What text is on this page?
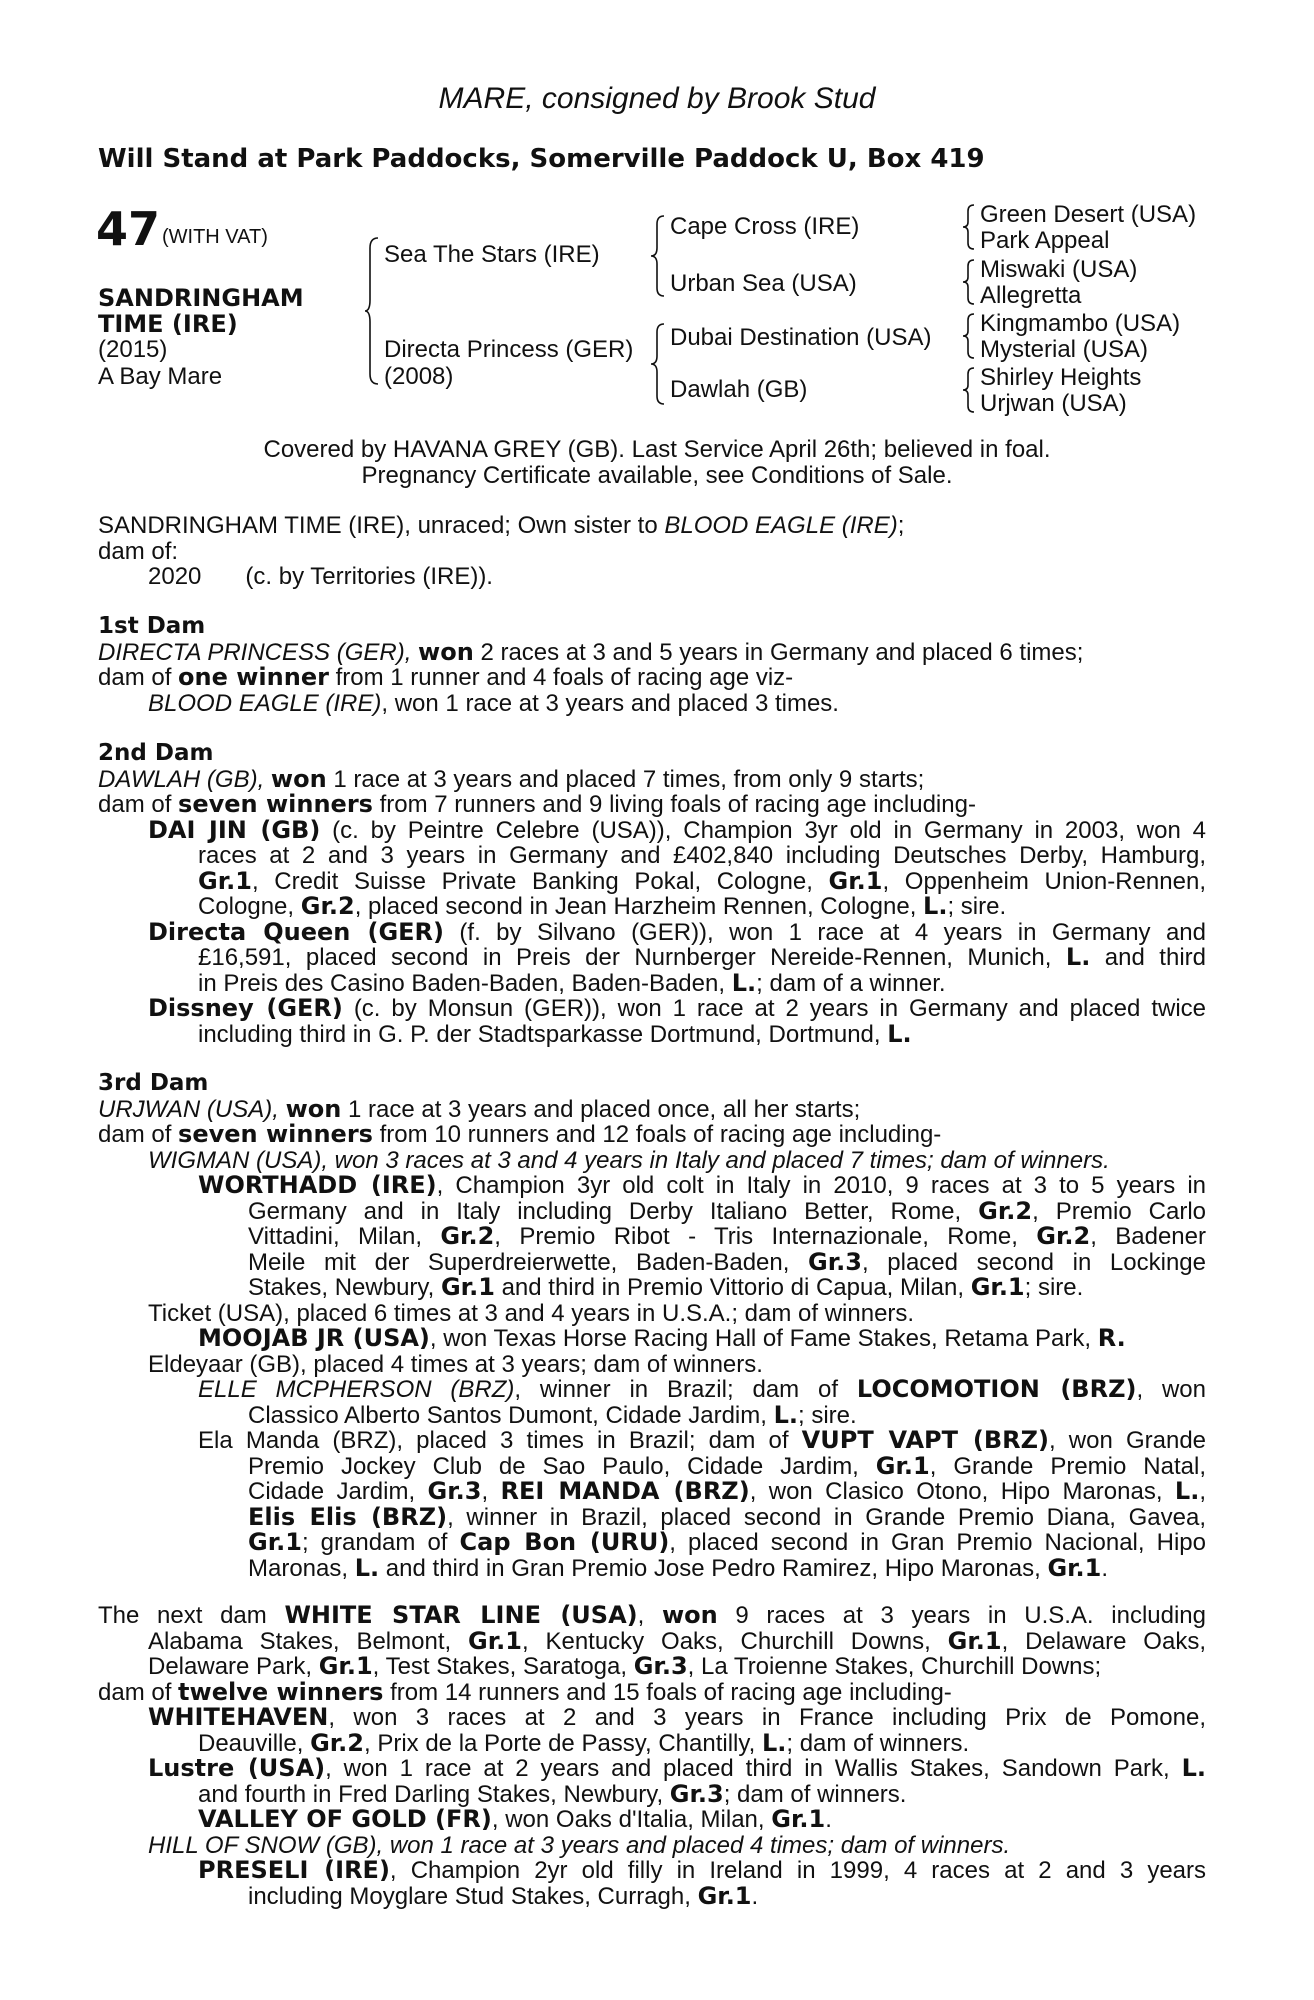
MARE, consigned by Brook Stud
Will Stand at Park Paddocks, Somerville Paddock U, Box 419
47 (WITH VAT)
SANDRINGHAM
TIME (IRE)
(2015)
A Bay Mare
Sea The Stars (IRE)
Directa Princess (GER)
(2008)
Cape Cross (IRE)
Urban Sea (USA)
Dubai Destination (USA)
Dawlah (GB)
Green Desert (USA)
Park Appeal
Miswaki (USA)
Allegretta
Kingmambo (USA)
Mysterial (USA)
Shirley Heights
Urjwan (USA)
Covered by HAVANA GREY (GB). Last Service April 26th; believed in foal.
Pregnancy Certificate available, see Conditions of Sale.
SANDRINGHAM TIME (IRE), unraced; Own sister to BLOOD EAGLE (IRE);
dam of:
2020 (c. by Territories (IRE)).
1st Dam
DIRECTA PRINCESS (GER), won 2 races at 3 and 5 years in Germany and placed 6 times;
dam of one winner from 1 runner and 4 foals of racing age viz-
BLOOD EAGLE (IRE), won 1 race at 3 years and placed 3 times.
2nd Dam
DAWLAH (GB), won 1 race at 3 years and placed 7 times, from only 9 starts;
dam of seven winners from 7 runners and 9 living foals of racing age including-
DAI JIN (GB) (c. by Peintre Celebre (USA)), Champion 3yr old in Germany in 2003, won 4
races at 2 and 3 years in Germany and £402,840 including Deutsches Derby, Hamburg,
Gr.1, Credit Suisse Private Banking Pokal, Cologne, Gr.1, Oppenheim Union-Rennen,
Cologne, Gr.2, placed second in Jean Harzheim Rennen, Cologne, L.; sire.
Directa Queen (GER) (f. by Silvano (GER)), won 1 race at 4 years in Germany and
£16,591, placed second in Preis der Nurnberger Nereide-Rennen, Munich, L. and third
in Preis des Casino Baden-Baden, Baden-Baden, L.; dam of a winner.
Dissney (GER) (c. by Monsun (GER)), won 1 race at 2 years in Germany and placed twice
including third in G. P. der Stadtsparkasse Dortmund, Dortmund, L.
3rd Dam
URJWAN (USA), won 1 race at 3 years and placed once, all her starts;
dam of seven winners from 10 runners and 12 foals of racing age including-
WIGMAN (USA), won 3 races at 3 and 4 years in Italy and placed 7 times; dam of winners.
WORTHADD (IRE), Champion 3yr old colt in Italy in 2010, 9 races at 3 to 5 years in
Germany and in Italy including Derby Italiano Better, Rome, Gr.2, Premio Carlo
Vittadini, Milan, Gr.2, Premio Ribot - Tris Internazionale, Rome, Gr.2, Badener
Meile mit der Superdreierwette, Baden-Baden, Gr.3, placed second in Lockinge
Stakes, Newbury, Gr.1 and third in Premio Vittorio di Capua, Milan, Gr.1; sire.
Ticket (USA), placed 6 times at 3 and 4 years in U.S.A.; dam of winners.
MOOJAB JR (USA), won Texas Horse Racing Hall of Fame Stakes, Retama Park, R.
Eldeyaar (GB), placed 4 times at 3 years; dam of winners.
ELLE MCPHERSON (BRZ), winner in Brazil; dam of LOCOMOTION (BRZ), won
Classico Alberto Santos Dumont, Cidade Jardim, L.; sire.
Ela Manda (BRZ), placed 3 times in Brazil; dam of VUPT VAPT (BRZ), won Grande
Premio Jockey Club de Sao Paulo, Cidade Jardim, Gr.1, Grande Premio Natal,
Cidade Jardim, Gr.3, REI MANDA (BRZ), won Clasico Otono, Hipo Maronas, L.,
Elis Elis (BRZ), winner in Brazil, placed second in Grande Premio Diana, Gavea,
Gr.1; grandam of Cap Bon (URU), placed second in Gran Premio Nacional, Hipo
Maronas, L. and third in Gran Premio Jose Pedro Ramirez, Hipo Maronas, Gr.1.
The next dam WHITE STAR LINE (USA), won 9 races at 3 years in U.S.A. including
Alabama Stakes, Belmont, Gr.1, Kentucky Oaks, Churchill Downs, Gr.1, Delaware Oaks,
Delaware Park, Gr.1, Test Stakes, Saratoga, Gr.3, La Troienne Stakes, Churchill Downs;
dam of twelve winners from 14 runners and 15 foals of racing age including-
WHITEHAVEN, won 3 races at 2 and 3 years in France including Prix de Pomone,
Deauville, Gr.2, Prix de la Porte de Passy, Chantilly, L.; dam of winners.
Lustre (USA), won 1 race at 2 years and placed third in Wallis Stakes, Sandown Park, L.
and fourth in Fred Darling Stakes, Newbury, Gr.3; dam of winners.
VALLEY OF GOLD (FR), won Oaks d'Italia, Milan, Gr.1.
HILL OF SNOW (GB), won 1 race at 3 years and placed 4 times; dam of winners.
PRESELI (IRE), Champion 2yr old filly in Ireland in 1999, 4 races at 2 and 3 years
including Moyglare Stud Stakes, Curragh, Gr.1.
